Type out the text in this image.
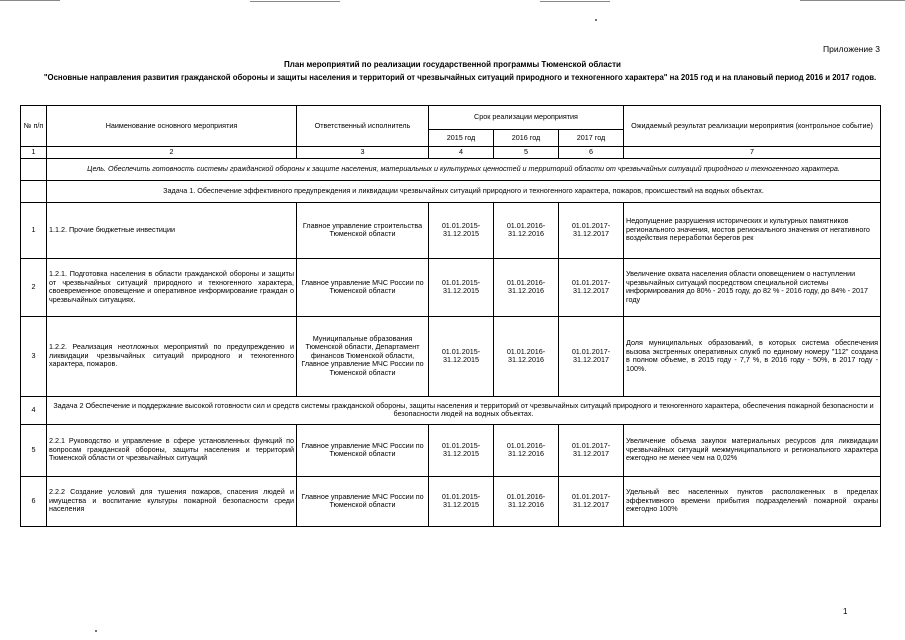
Приложение 3
План мероприятий по реализации государственной программы Тюменской области
"Основные направления развития гражданской обороны и защиты населения и территорий от чрезвычайных ситуаций природного и техногенного характера" на 2015 год и на плановый период 2016 и 2017 годов.
№ п/п	Наименование основного мероприятия	Ответственный исполнитель	Срок реализации мероприятия			Ожидаемый результат реализации мероприятия (контрольное событие)
			2015 год	2016 год	2017 год	
1	2	3	4	5	6	7
	Цель. Обеспечить готовность системы гражданской обороны к защите населения, материальных и культурных ценностей и территорий области от чрезвычайных ситуаций природного и техногенного характера.					
	Задача 1. Обеспечение эффективного предупреждения и ликвидации чрезвычайных ситуаций природного и техногенного характера, пожаров, происшествий на водных объектах.					
1	1.1.2. Прочие бюджетные инвестиции	Главное управление строительства Тюменской области	01.01.2015-31.12.2015	01.01.2016-31.12.2016	01.01.2017-31.12.2017	Недопущение разрушения исторических и культурных памятников регионального значения, мостов регионального значения от негативного воздействия переработки берегов рек
2	1.2.1. Подготовка населения в области гражданской обороны и защиты от чрезвычайных ситуаций природного и техногенного характера, своевременное оповещение и оперативное информирование граждан о чрезвычайных ситуациях.	Главное управление МЧС России по Тюменской области	01.01.2015-31.12.2015	01.01.2016-31.12.2016	01.01.2017-31.12.2017	Увеличение охвата населения области оповещением о наступлении чрезвычайных ситуаций посредством специальной системы информирования до 80% - 2015 году, до 82 % - 2016 году, до 84% - 2017 году
3	1.2.2. Реализация неотложных мероприятий по предупреждению и ликвидации чрезвычайных ситуаций природного и техногенного характера, пожаров.	Муниципальные образования Тюменской области, Департамент финансов Тюменской области, Главное управление МЧС России по Тюменской области	01.01.2015-31.12.2015	01.01.2016-31.12.2016	01.01.2017-31.12.2017	Доля муниципальных образований, в которых система обеспечения вызова экстренных оперативных служб по единому номеру "112" создана в полном объеме, в 2015 году - 7,7 %, в 2016 году - 50%, в 2017 году - 100%.
4	Задача 2 Обеспечение и поддержание высокой готовности сил и средств системы гражданской обороны, защиты населения и территорий от чрезвычайных ситуаций природного и техногенного характера, обеспечения пожарной безопасности и безопасности людей на водных объектах.					
5	2.2.1 Руководство и управление в сфере установленных функций по вопросам гражданской обороны, защиты населения и территорий Тюменской области от чрезвычайных ситуаций	Главное управление МЧС России по Тюменской области	01.01.2015-31.12.2015	01.01.2016-31.12.2016	01.01.2017-31.12.2017	Увеличение объема закупок материальных ресурсов для ликвидации чрезвычайных ситуаций межмуниципального и регионального характера ежегодно не менее чем на 0,02%
6	2.2.2 Создание условий для тушения пожаров, спасения людей и имущества и воспитание культуры пожарной безопасности среди населения	Главное управление МЧС России по Тюменской области	01.01.2015-31.12.2015	01.01.2016-31.12.2016	01.01.2017-31.12.2017	Удельный вес населенных пунктов расположенных в пределах эффективного времени прибытия подразделений пожарной охраны ежегодно 100%
1
